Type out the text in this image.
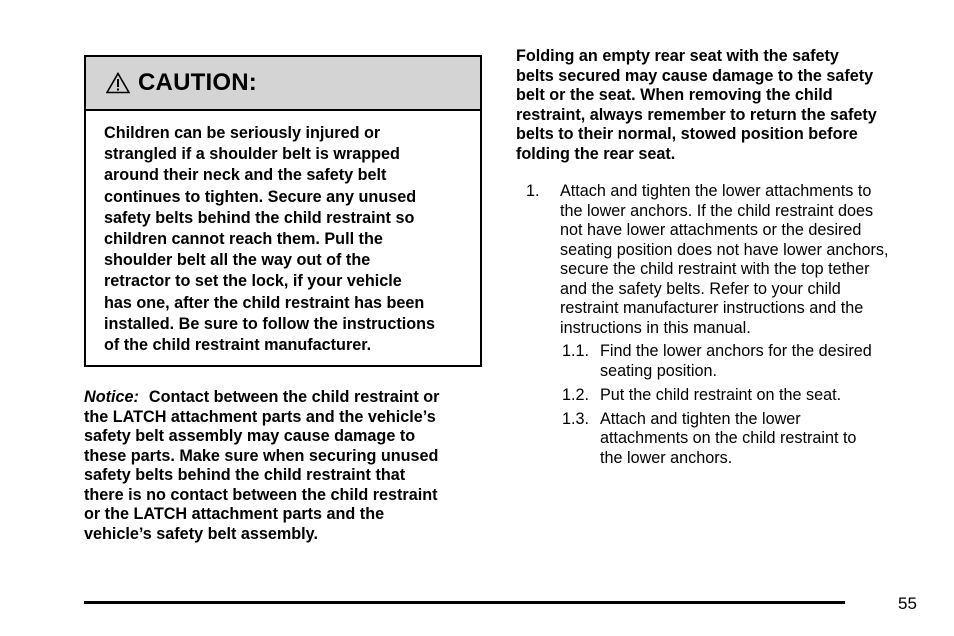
CAUTION:
Children can be seriously injured or
strangled if a shoulder belt is wrapped
around their neck and the safety belt
continues to tighten. Secure any unused
safety belts behind the child restraint so
children cannot reach them. Pull the
shoulder belt all the way out of the
retractor to set the lock, if your vehicle
has one, after the child restraint has been
installed. Be sure to follow the instructions
of the child restraint manufacturer.
Notice: Contact between the child restraint or
the LATCH attachment parts and the vehicle’s
safety belt assembly may cause damage to
these parts. Make sure when securing unused
safety belts behind the child restraint that
there is no contact between the child restraint
or the LATCH attachment parts and the
vehicle’s safety belt assembly.
Folding an empty rear seat with the safety
belts secured may cause damage to the safety
belt or the seat. When removing the child
restraint, always remember to return the safety
belts to their normal, stowed position before
folding the rear seat.
1.	Attach and tighten the lower attachments to
the lower anchors. If the child restraint does
not have lower attachments or the desired
seating position does not have lower anchors,
secure the child restraint with the top tether
and the safety belts. Refer to your child
restraint manufacturer instructions and the
instructions in this manual.
1.1. Find the lower anchors for the desired
seating position.
1.2. Put the child restraint on the seat.
1.3. Attach and tighten the lower
attachments on the child restraint to
the lower anchors.
55
